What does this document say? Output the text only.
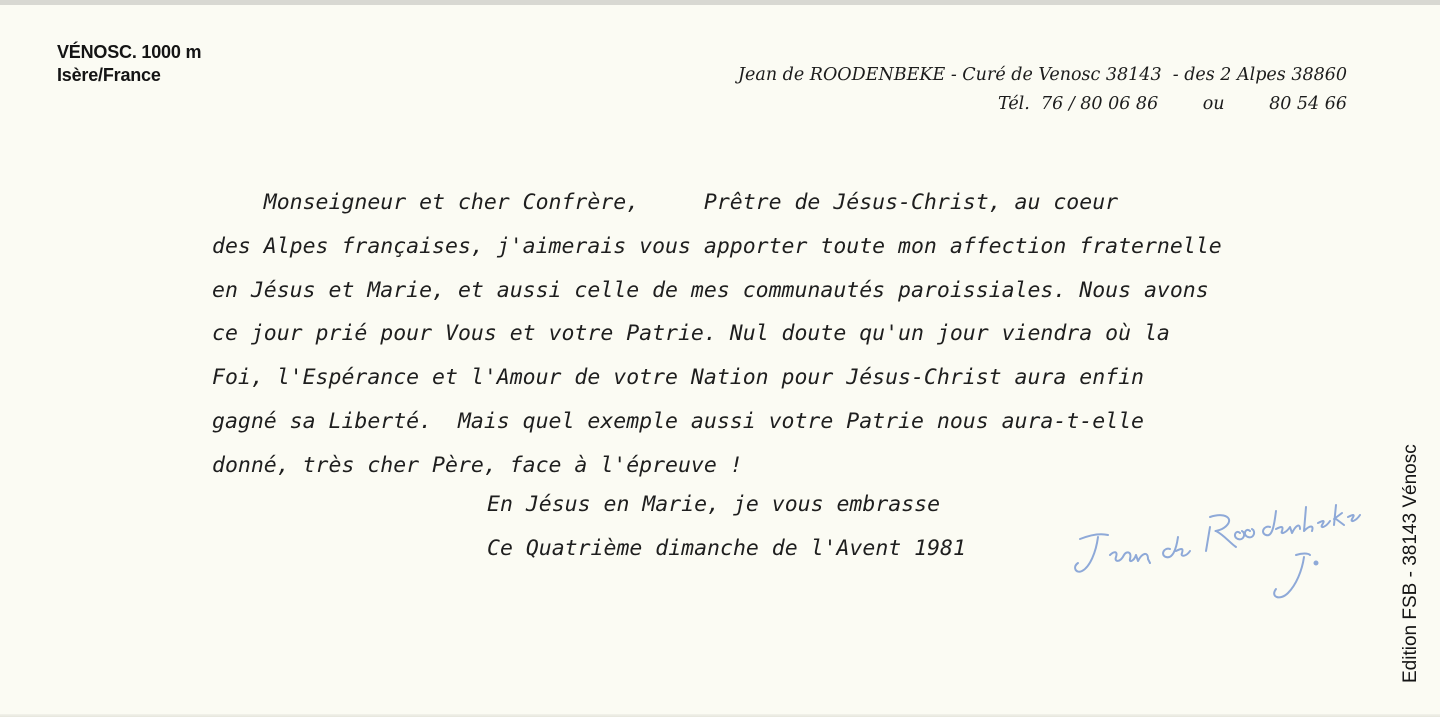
VÉNOSC. 1000 m
Isère/France	Jean de ROODENBEKE - Curé de Venosc 38143  - des 2 Alpes 38860
Tél. 76 / 80 06 86	ou	80 54 66
Monseigneur et cher Confrère,     Prêtre de Jésus-Christ, au coeur
des Alpes françaises, j'aimerais vous apporter toute mon affection fraternelle
en Jésus et Marie, et aussi celle de mes communautés paroissiales. Nous avons
ce jour prié pour Vous et votre Patrie. Nul doute qu'un jour viendra où la
Foi, l'Espérance et l'Amour de votre Nation pour Jésus-Christ aura enfin
gagné sa Liberté.  Mais quel exemple aussi votre Patrie nous aura-t-elle
donné, très cher Père, face à l'épreuve !
En Jésus en Marie, je vous embrasse
Ce Quatrième dimanche de l'Avent 1981	Edition FSB - 38143 Vénosc
